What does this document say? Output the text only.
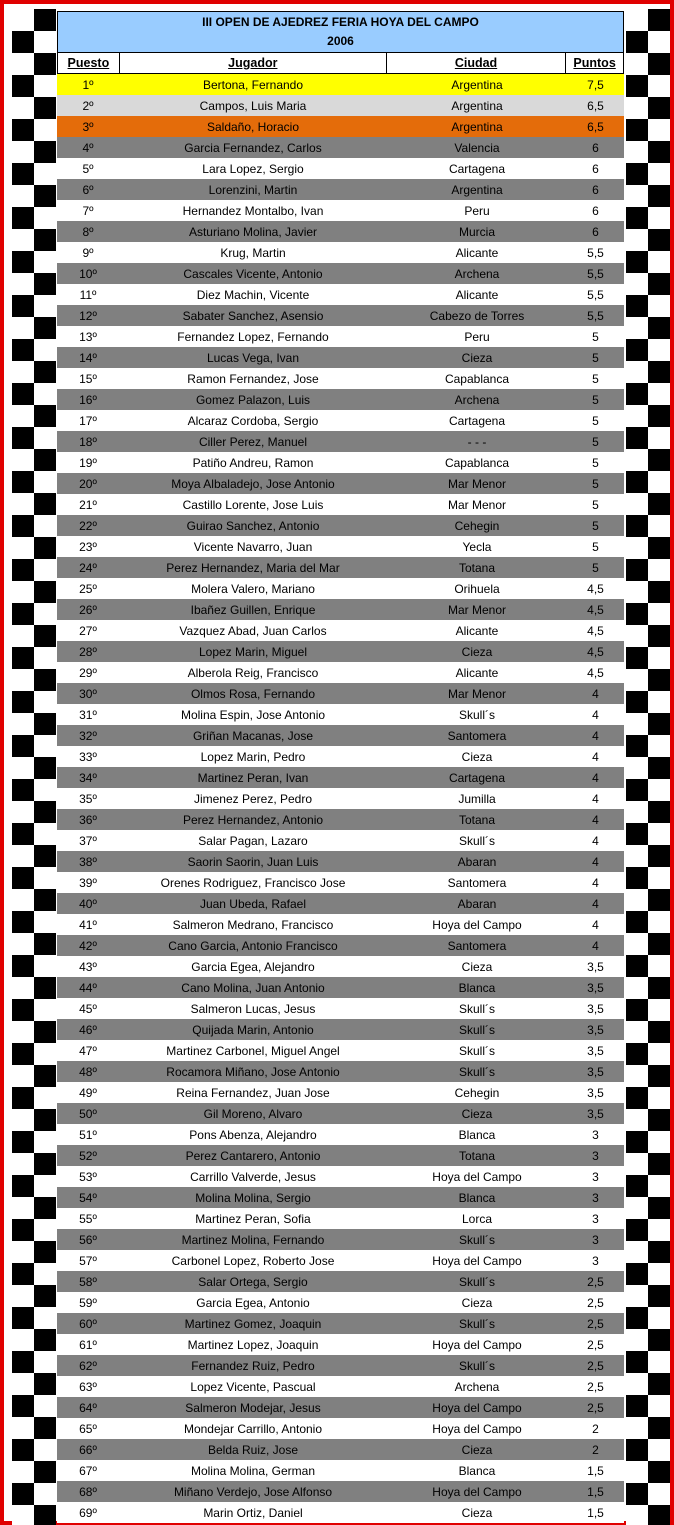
III OPEN DE AJEDREZ FERIA HOYA DEL CAMPO
2006
Puesto	Jugador	Ciudad	Puntos
1º	Bertona, Fernando	Argentina	7,5
2º	Campos, Luis Maria	Argentina	6,5
3º	Saldaño, Horacio	Argentina	6,5
4º	Garcia Fernandez, Carlos	Valencia	6
5º	Lara Lopez, Sergio	Cartagena	6
6º	Lorenzini, Martin	Argentina	6
7º	Hernandez Montalbo, Ivan	Peru	6
8º	Asturiano Molina, Javier	Murcia	6
9º	Krug, Martin	Alicante	5,5
10º	Cascales Vicente, Antonio	Archena	5,5
11º	Diez Machin, Vicente	Alicante	5,5
12º	Sabater Sanchez, Asensio	Cabezo de Torres	5,5
13º	Fernandez Lopez, Fernando	Peru	5
14º	Lucas Vega, Ivan	Cieza	5
15º	Ramon Fernandez, Jose	Capablanca	5
16º	Gomez Palazon, Luis	Archena	5
17º	Alcaraz Cordoba, Sergio	Cartagena	5
18º	Ciller Perez, Manuel	- - -	5
19º	Patiño Andreu, Ramon	Capablanca	5
20º	Moya Albaladejo, Jose Antonio	Mar Menor	5
21º	Castillo Lorente, Jose Luis	Mar Menor	5
22º	Guirao Sanchez, Antonio	Cehegin	5
23º	Vicente Navarro, Juan	Yecla	5
24º	Perez Hernandez, Maria del Mar	Totana	5
25º	Molera Valero, Mariano	Orihuela	4,5
26º	Ibañez Guillen, Enrique	Mar Menor	4,5
27º	Vazquez Abad, Juan Carlos	Alicante	4,5
28º	Lopez Marin, Miguel	Cieza	4,5
29º	Alberola Reig, Francisco	Alicante	4,5
30º	Olmos Rosa, Fernando	Mar Menor	4
31º	Molina Espin, Jose Antonio	Skull´s	4
32º	Griñan Macanas, Jose	Santomera	4
33º	Lopez Marin, Pedro	Cieza	4
34º	Martinez Peran, Ivan	Cartagena	4
35º	Jimenez Perez, Pedro	Jumilla	4
36º	Perez Hernandez, Antonio	Totana	4
37º	Salar Pagan, Lazaro	Skull´s	4
38º	Saorin Saorin, Juan Luis	Abaran	4
39º	Orenes Rodriguez, Francisco Jose	Santomera	4
40º	Juan Ubeda, Rafael	Abaran	4
41º	Salmeron Medrano, Francisco	Hoya del Campo	4
42º	Cano Garcia, Antonio Francisco	Santomera	4
43º	Garcia Egea, Alejandro	Cieza	3,5
44º	Cano Molina, Juan Antonio	Blanca	3,5
45º	Salmeron Lucas, Jesus	Skull´s	3,5
46º	Quijada Marin, Antonio	Skull´s	3,5
47º	Martinez Carbonel, Miguel Angel	Skull´s	3,5
48º	Rocamora Miñano, Jose Antonio	Skull´s	3,5
49º	Reina Fernandez, Juan Jose	Cehegin	3,5
50º	Gil Moreno, Alvaro	Cieza	3,5
51º	Pons Abenza, Alejandro	Blanca	3
52º	Perez Cantarero, Antonio	Totana	3
53º	Carrillo Valverde, Jesus	Hoya del Campo	3
54º	Molina Molina, Sergio	Blanca	3
55º	Martinez Peran, Sofia	Lorca	3
56º	Martinez Molina, Fernando	Skull´s	3
57º	Carbonel Lopez, Roberto Jose	Hoya del Campo	3
58º	Salar Ortega, Sergio	Skull´s	2,5
59º	Garcia Egea, Antonio	Cieza	2,5
60º	Martinez Gomez, Joaquin	Skull´s	2,5
61º	Martinez Lopez, Joaquin	Hoya del Campo	2,5
62º	Fernandez Ruiz, Pedro	Skull´s	2,5
63º	Lopez Vicente, Pascual	Archena	2,5
64º	Salmeron Modejar, Jesus	Hoya del Campo	2,5
65º	Mondejar Carrillo, Antonio	Hoya del Campo	2
66º	Belda Ruiz, Jose	Cieza	2
67º	Molina Molina, German	Blanca	1,5
68º	Miñano Verdejo, Jose Alfonso	Hoya del Campo	1,5
69º	Marin Ortiz, Daniel	Cieza	1,5
